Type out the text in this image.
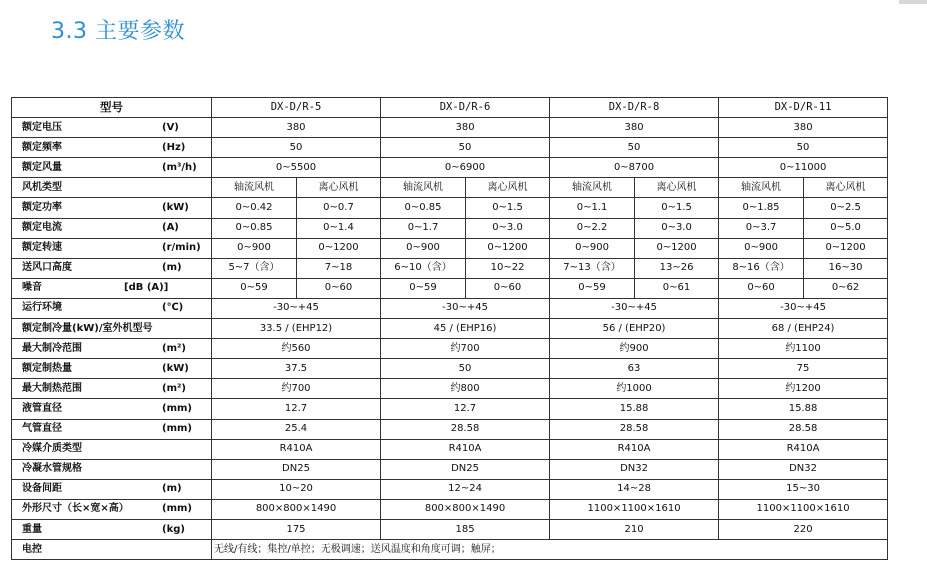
3.3 主要参数
型号	DX-D/R-5		DX-D/R-6		DX-D/R-8		DX-D/R-11	
额定电压 (V)	380		380		380		380	
额定频率 (Hz)	50		50		50		50	
额定风量 (m³/h)	0~5500		0~6900		0~8700		0~11000	
风机类型	轴流风机	离心风机	轴流风机	离心风机	轴流风机	离心风机	轴流风机	离心风机
额定功率 (kW)	0~0.42	0~0.7	0~0.85	0~1.5	0~1.1	0~1.5	0~1.85	0~2.5
额定电流 (A)	0~0.85	0~1.4	0~1.7	0~3.0	0~2.2	0~3.0	0~3.7	0~5.0
额定转速 (r/min)	0~900	0~1200	0~900	0~1200	0~900	0~1200	0~900	0~1200
送风口高度 (m)	5~7（含）	7~18	6~10（含）	10~22	7~13（含）	13~26	8~16（含）	16~30
噪音 [dB (A)]	0~59	0~60	0~59	0~60	0~59	0~61	0~60	0~62
运行环境 (℃)	-30~+45		-30~+45		-30~+45		-30~+45	
额定制冷量(kW)/室外机型号	33.5 / (EHP12)		45 / (EHP16)		56 / (EHP20)		68 / (EHP24)	
最大制冷范围 (m²)	约560		约700		约900		约1100	
额定制热量 (kW)	37.5		50		63		75	
最大制热范围 (m²)	约700		约800		约1000		约1200	
液管直径 (mm)	12.7		12.7		15.88		15.88	
气管直径 (mm)	25.4		28.58		28.58		28.58	
冷媒介质类型	R410A		R410A		R410A		R410A	
冷凝水管规格	DN25		DN25		DN32		DN32	
设备间距 (m)	10~20		12~24		14~28		15~30	
外形尺寸（长×宽×高） (mm)	800×800×1490		800×800×1490		1100×1100×1610		1100×1100×1610	
重量 (kg)	175		185		210		220	
电控	无线/有线；集控/单控；无极调速；送风温度和角度可调；触屏；							
